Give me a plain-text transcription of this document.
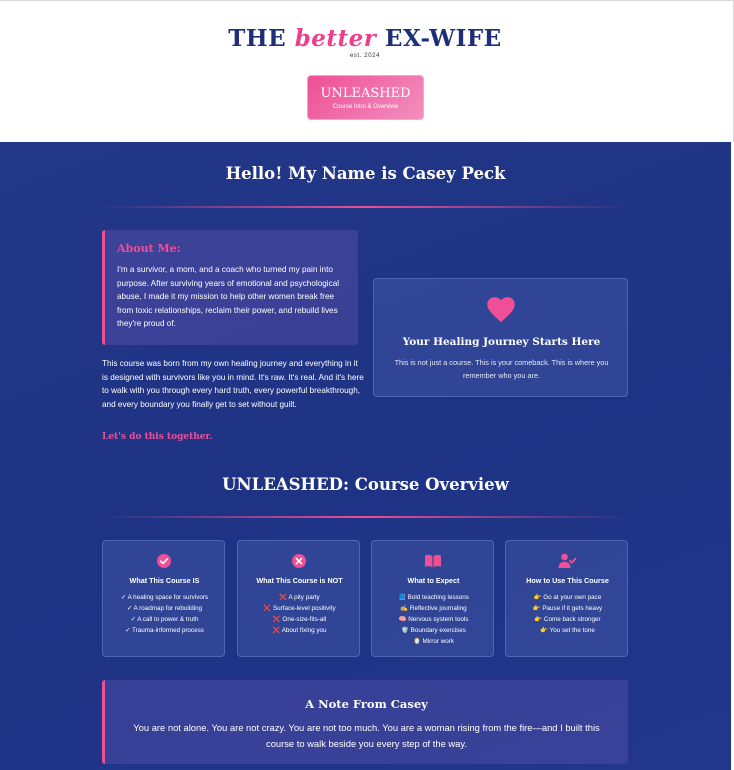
THE better EX-WIFE
est. 2024
UNLEASHED
Course Intro & Overview
Hello! My Name is Casey Peck
About Me:
I'm a survivor, a mom, and a coach who turned my pain into purpose. After surviving years of emotional and psychological abuse, I made it my mission to help other women break free from toxic relationships, reclaim their power, and rebuild lives they're proud of.
This course was born from my own healing journey and everything in it is designed with survivors like you in mind. It's raw. It's real. And it's here to walk with you through every hard truth, every powerful breakthrough, and every boundary you finally get to set without guilt.
Let's do this together.
Your Healing Journey Starts Here
This is not just a course. This is your comeback. This is where you remember who you are.
UNLEASHED: Course Overview
What This Course IS
✓ A healing space for survivors
✓ A roadmap for rebuilding
✓ A call to power & truth
✓ Trauma-informed process
What This Course is NOT
❌ A pity party
❌ Surface-level positivity
❌ One-size-fits-all
❌ About fixing you
What to Expect
📘 Bold teaching lessons
✍️ Reflective journaling
🧠 Nervous system tools
🛡️ Boundary exercises
🪞 Mirror work
How to Use This Course
👉 Go at your own pace
👉 Pause if it gets heavy
👉 Come back stronger
👉 You set the tone
A Note From Casey
You are not alone. You are not crazy. You are not too much. You are a woman rising from the fire—and I built this course to walk beside you every step of the way.
